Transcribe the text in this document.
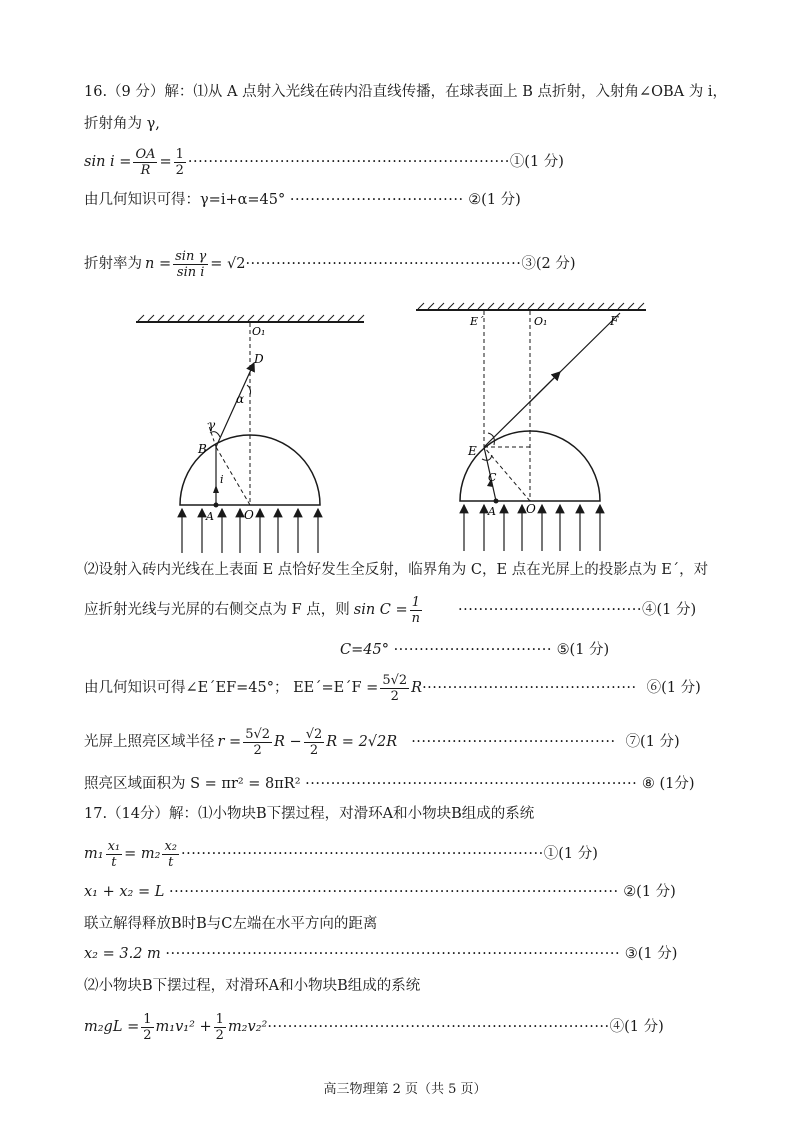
16.（9 分）解：⑴从 A 点射入光线在砖内沿直线传播，在球表面上 B 点折射，入射角∠OBA 为 i，
折射角为 γ,
$\sin i = \frac{OA}{R} = \frac{1}{2}$ ······························································· ①(1 分)
由几何知识可得：γ=i+α=45° ·································· ②(1 分)
折射率为 $n = \frac{\text{sin γ}}{\text{sin i}} = √2$ ······················································ ③(2 分)
O₁
D
α
γ
B
i
A	O
E´	O₁	F
E
C
A	O
⑵设射入砖内光线在上表面 E 点恰好发生全反射，临界角为 C，E 点在光屏上的投影点为 E´，对
应折射光线与光屏的右侧交点为 F 点，则 $\sin C = \frac{1}{n}$ ···································· ④(1 分)
C=45° ······························· ⑤(1 分)
由几何知识可得∠E´EF=45°； EE´=E´F = $\frac{5√2}{2}$ R ·········································· ⑥(1 分)
光屏上照亮区域半径 $r = \frac{5√2}{2}$ $R - \frac{√2}{2}$ R = 2√2R ········································ ⑦(1 分)
照亮区域面积为 S = πr² = 8πR² ································································· ⑧ (1分)
17.（14分）解：⑴小物块B下摆过程，对滑环A和小物块B组成的系统
$m_1 \frac{\text{x₁}}{t} = m_2 \frac{\text{x₂}}{t}$ ······································································· ①(1 分)
x₁ + x₂ = L ························································································ ②(1 分)
联立解得释放B时B与C左端在水平方向的距离
x₂ = 3.2 m ························································································· ③(1 分)
⑵小物块B下摆过程，对滑环A和小物块B组成的系统
$m_2gL = \frac{1}{2} m_1v_1^2 + \frac{1}{2} m_2v_2^2$ ··································································· ④(1 分)
高三物理第 2 页（共 5 页）
